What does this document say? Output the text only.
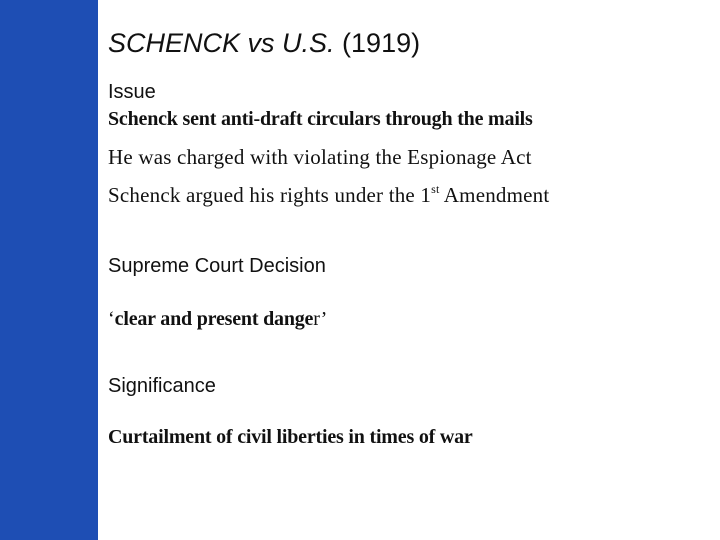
SCHENCK vs U.S. (1919)
Issue
Schenck sent anti-draft circulars through the mails
He was charged with violating the Espionage Act
Schenck argued his rights under the 1st Amendment
Supreme Court Decision
‘clear and present danger’
Significance
Curtailment of civil liberties in times of war
